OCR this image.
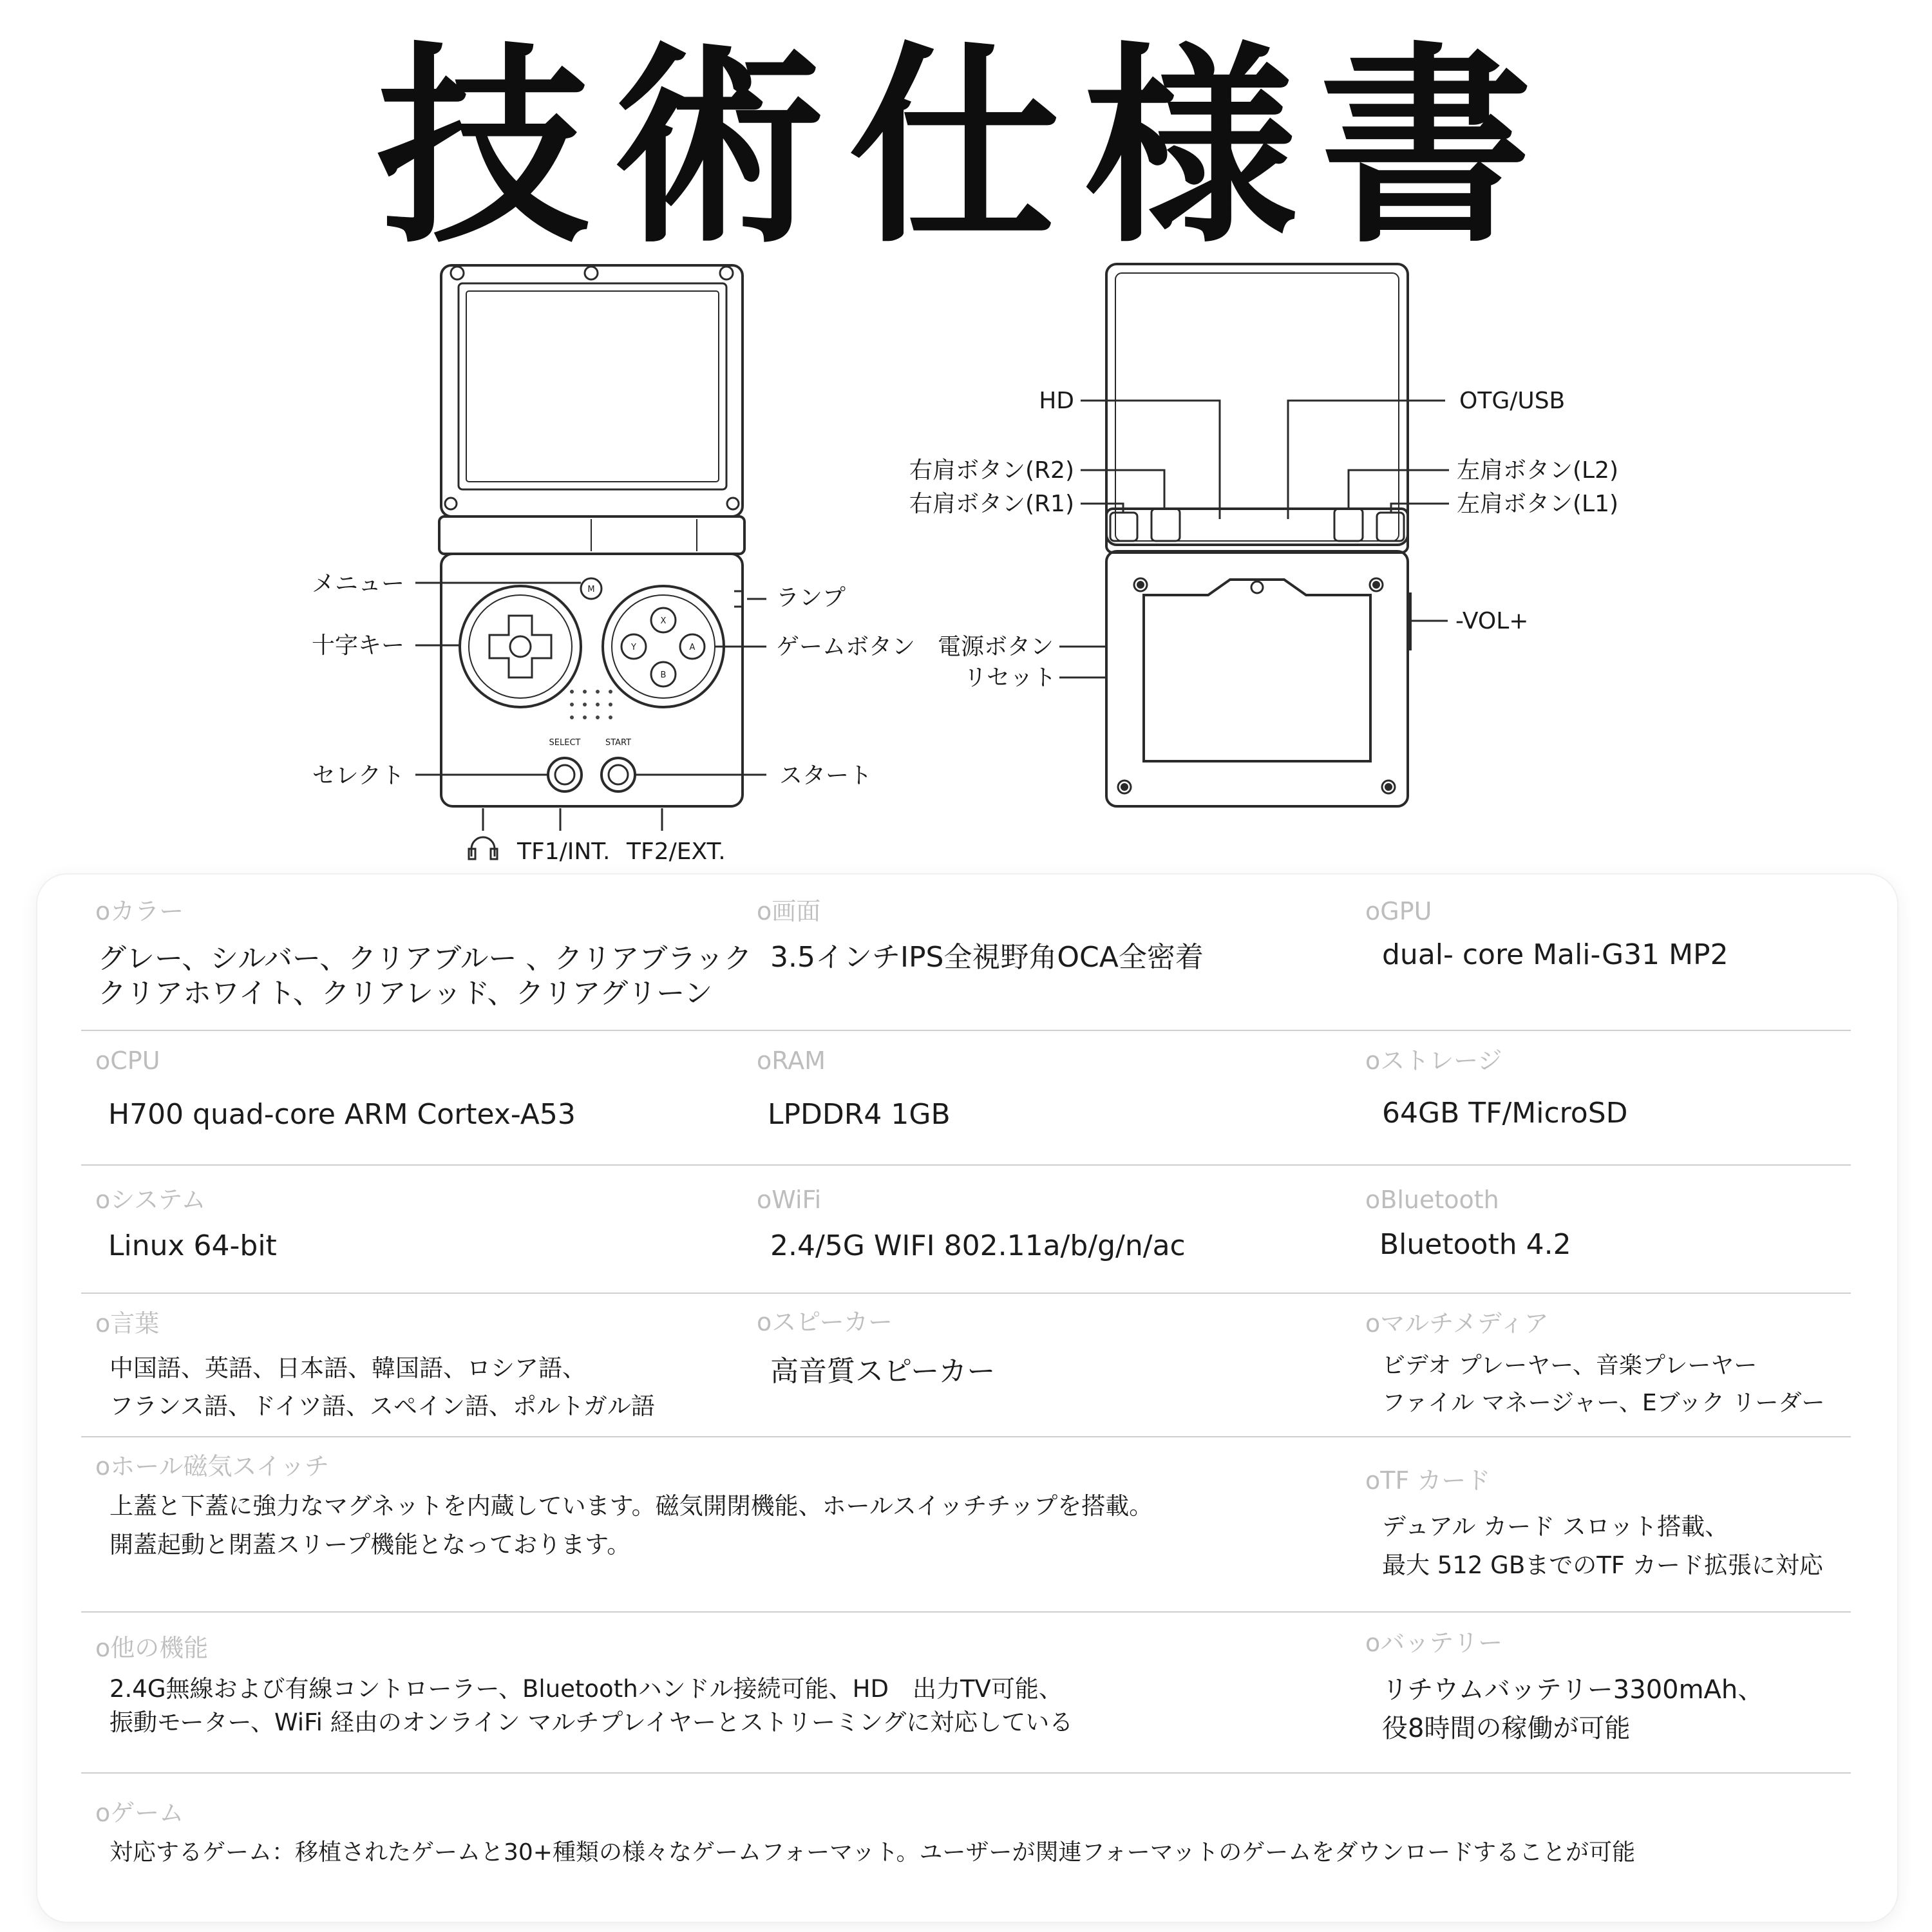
技術仕様書
M
X
Y	A
B
SELECT	START
メニュー
十字キー
セレクト
ランプ
ゲームボタン
スタート
TF1/INT. TF2/EXT.
HD	OTG/USB
右肩ボタン(R2)
右肩ボタン(R1)
左肩ボタン(L2)
左肩ボタン(L1)
電源ボタン
リセット
-VOL+
oカラー
グレー、シルバー、クリアブルー 、クリアブラック
クリアホワイト、クリアレッド、クリアグリーン
o画面
3.5インチIPS全視野角OCA全密着
oGPU
dual- core Mali-G31 MP2
oCPU
H700 quad-core ARM Cortex-A53
oRAM
LPDDR4 1GB
oストレージ
64GB TF/MicroSD
oシステム
Linux 64-bit
oWiFi
2.4/5G WIFI 802.11a/b/g/n/ac
oBluetooth
Bluetooth 4.2
o言葉
中国語、英語、日本語、韓国語、ロシア語、
フランス語、ドイツ語、スペイン語、ポルトガル語
oスピーカー
高音質スピーカー
oマルチメディア
ビデオ プレーヤー、音楽プレーヤー
ファイル マネージャー、Eブック リーダー
oホール磁気スイッチ
上蓋と下蓋に強力なマグネットを内蔵しています。磁気開閉機能、ホールスイッチチップを搭載。
開蓋起動と閉蓋スリープ機能となっております。
oTF カード
デュアル カード スロット搭載、
最大 512 GBまでのTF カード拡張に対応
o他の機能
2.4G無線および有線コントローラー、Bluetoothハンドル接続可能、HD　出力TV可能、
振動モーター、WiFi 経由のオンライン マルチプレイヤーとストリーミングに対応している
oバッテリー
リチウムバッテリー3300mAh、
役8時間の稼働が可能
oゲーム
対応するゲーム：移植されたゲームと30+種類の様々なゲームフォーマット。ユーザーが関連フォーマットのゲームをダウンロードすることが可能
